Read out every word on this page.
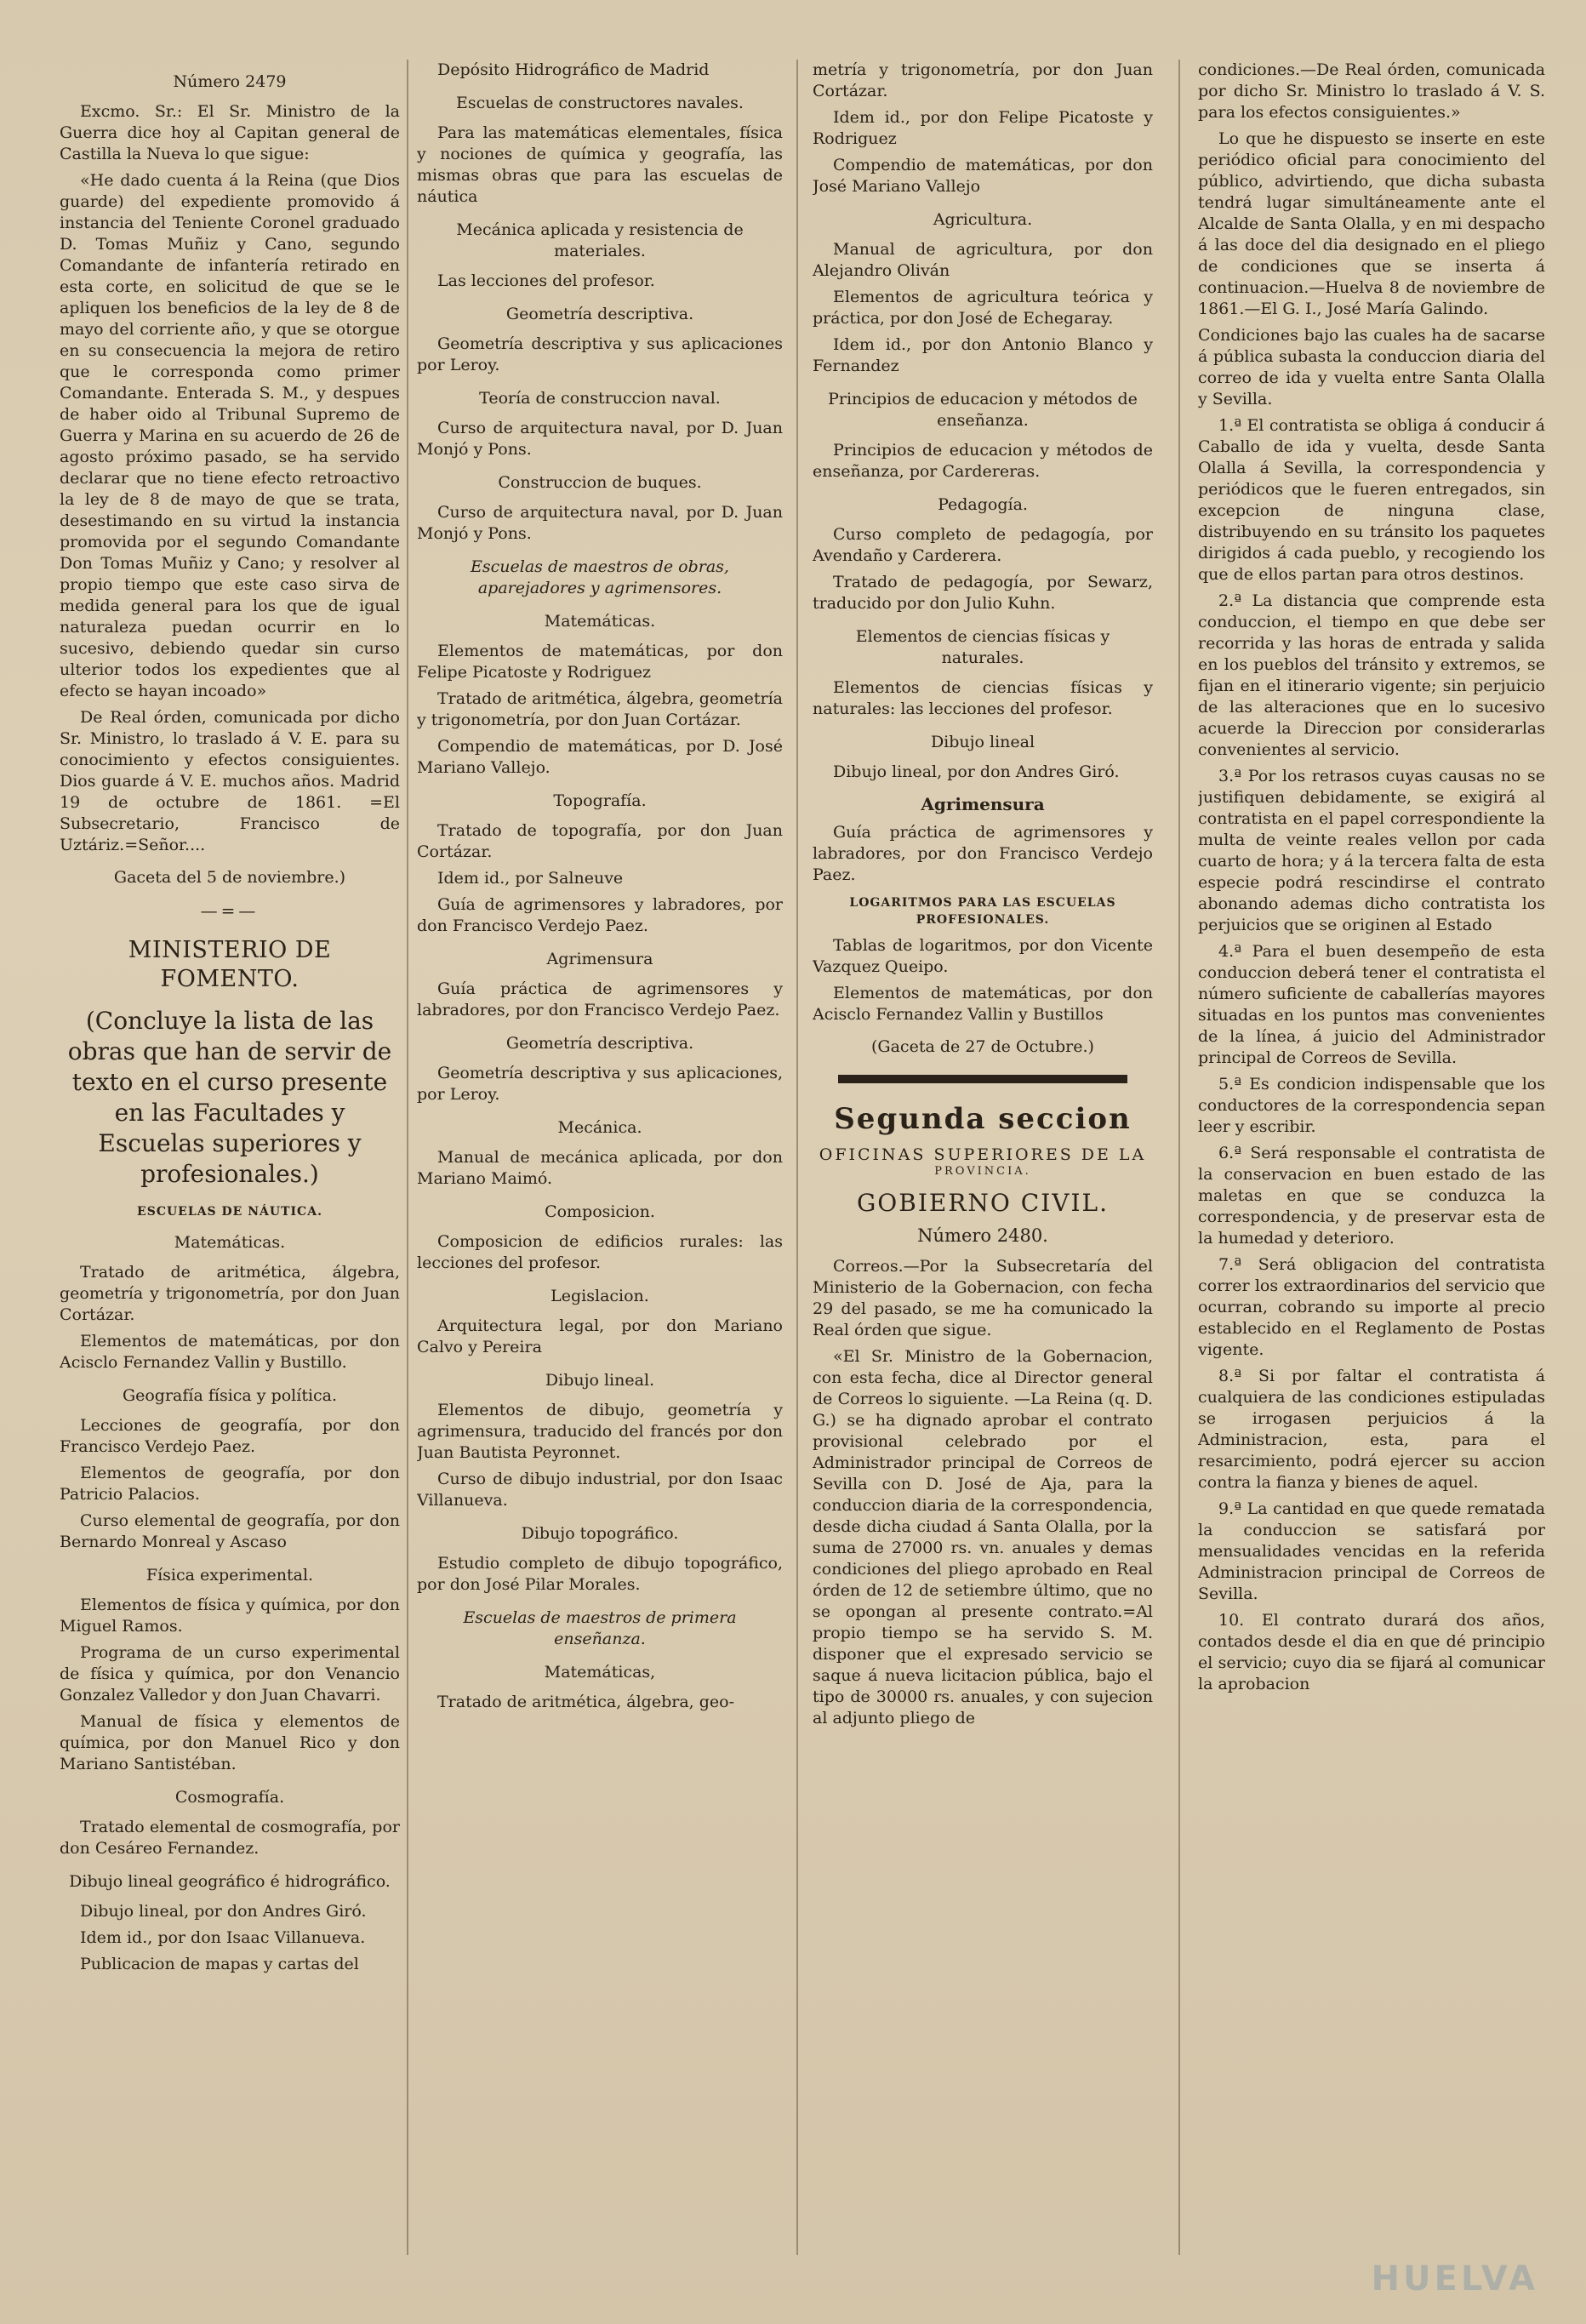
Número 2479

Excmo. Sr.: El Sr. Ministro de la Guerra dice hoy al Capitan general de Castilla la Nueva lo que sigue:

«He dado cuenta á la Reina (que Dios guarde) del expediente promovido á instancia del Teniente Coronel graduado D. Tomas Muñiz y Cano, segundo Comandante de infantería retirado en esta corte, en solicitud de que se le apliquen los beneficios de la ley de 8 de mayo del corriente año, y que se otorgue en su consecuencia la mejora de retiro que le corresponda como primer Comandante. Enterada S. M., y despues de haber oido al Tribunal Supremo de Guerra y Marina en su acuerdo de 26 de agosto próximo pasado, se ha servido declarar que no tiene efecto retroactivo la ley de 8 de mayo de que se trata, desestimando en su virtud la instancia promovida por el segundo Comandante Don Tomas Muñiz y Cano; y resolver al propio tiempo que este caso sirva de medida general para los que de igual naturaleza puedan ocurrir en lo sucesivo, debiendo quedar sin curso ulterior todos los expedientes que al efecto se hayan incoado»

De Real órden, comunicada por dicho Sr. Ministro, lo traslado á V. E. para su conocimiento y efectos consiguientes. Dios guarde á V. E. muchos años. Madrid 19 de octubre de 1861. =El Subsecretario, Francisco de Uztáriz.=Señor....

Gaceta del 5 de noviembre.)
—=—
MINISTERIO DE FOMENTO.
(Concluye la lista de las obras que han de servir de texto en el curso presente en las Facultades y Escuelas superiores y profesionales.)
ESCUELAS DE NÁUTICA.
Matemáticas.

Tratado de aritmética, álgebra, geometría y trigonometría, por don Juan Cortázar.

Elementos de matemáticas, por don Acisclo Fernandez Vallin y Bustillo.

Geografía física y política.

Lecciones de geografía, por don Francisco Verdejo Paez.

Elementos de geografía, por don Patricio Palacios.

Curso elemental de geografía, por don Bernardo Monreal y Ascaso

Física experimental.

Elementos de física y química, por don Miguel Ramos.

Programa de un curso experimental de física y química, por don Venancio Gonzalez Valledor y don Juan Chavarri.

Manual de física y elementos de química, por don Manuel Rico y don Mariano Santistéban.

Cosmografía.

Tratado elemental de cosmografía, por don Cesáreo Fernandez.

Dibujo lineal geográfico é hidrográfico.

Dibujo lineal, por don Andres Giró.

Idem id., por don Isaac Villanueva.

Publicacion de mapas y cartas del

Depósito Hidrográfico de Madrid

Escuelas de constructores navales.

Para las matemáticas elementales, física y nociones de química y geografía, las mismas obras que para las escuelas de náutica

Mecánica aplicada y resistencia de materiales.

Las lecciones del profesor.

Geometría descriptiva.

Geometría descriptiva y sus aplicaciones por Leroy.

Teoría de construccion naval.

Curso de arquitectura naval, por D. Juan Monjó y Pons.

Construccion de buques.

Curso de arquitectura naval, por D. Juan Monjó y Pons.

Escuelas de maestros de obras, aparejadores y agrimensores.
Matemáticas.

Elementos de matemáticas, por don Felipe Picatoste y Rodriguez

Tratado de aritmética, álgebra, geometría y trigonometría, por don Juan Cortázar.

Compendio de matemáticas, por D. José Mariano Vallejo.

Topografía.

Tratado de topografía, por don Juan Cortázar.

Idem id., por Salneuve

Guía de agrimensores y labradores, por don Francisco Verdejo Paez.

Agrimensura

Guía práctica de agrimensores y labradores, por don Francisco Verdejo Paez.

Geometría descriptiva.

Geometría descriptiva y sus aplicaciones, por Leroy.

Mecánica.

Manual de mecánica aplicada, por don Mariano Maimó.

Composicion.

Composicion de edificios rurales: las lecciones del profesor.

Legislacion.

Arquitectura legal, por don Mariano Calvo y Pereira

Dibujo lineal.

Elementos de dibujo, geometría y agrimensura, traducido del francés por don Juan Bautista Peyronnet.

Curso de dibujo industrial, por don Isaac Villanueva.

Dibujo topográfico.

Estudio completo de dibujo topográfico, por don José Pilar Morales.

Escuelas de maestros de primera enseñanza.
Matemáticas,

Tratado de aritmética, álgebra, geo-

metría y trigonometría, por don Juan Cortázar.

Idem id., por don Felipe Picatoste y Rodriguez

Compendio de matemáticas, por don José Mariano Vallejo

Agricultura.

Manual de agricultura, por don Alejandro Oliván

Elementos de agricultura teórica y práctica, por don José de Echegaray.

Idem id., por don Antonio Blanco y Fernandez

Principios de educacion y métodos de enseñanza.

Principios de educacion y métodos de enseñanza, por Cardereras.

Pedagogía.

Curso completo de pedagogía, por Avendaño y Carderera.

Tratado de pedagogía, por Sewarz, traducido por don Julio Kuhn.

Elementos de ciencias físicas y naturales.

Elementos de ciencias físicas y naturales: las lecciones del profesor.

Dibujo lineal

Dibujo lineal, por don Andres Giró.

Agrimensura

Guía práctica de agrimensores y labradores, por don Francisco Verdejo Paez.

LOGARITMOS PARA LAS ESCUELAS PROFESIONALES.

Tablas de logaritmos, por don Vicente Vazquez Queipo.

Elementos de matemáticas, por don Acisclo Fernandez Vallin y Bustillos

(Gaceta de 27 de Octubre.)
Segunda seccion
OFICINAS SUPERIORES DE LA
PROVINCIA.
GOBIERNO CIVIL.
Número 2480.

Correos.—Por la Subsecretaría del Ministerio de la Gobernacion, con fecha 29 del pasado, se me ha comunicado la Real órden que sigue.

«El Sr. Ministro de la Gobernacion, con esta fecha, dice al Director general de Correos lo siguiente. —La Reina (q. D. G.) se ha dignado aprobar el contrato provisional celebrado por el Administrador principal de Correos de Sevilla con D. José de Aja, para la conduccion diaria de la correspondencia, desde dicha ciudad á Santa Olalla, por la suma de 27000 rs. vn. anuales y demas condiciones del pliego aprobado en Real órden de 12 de setiembre último, que no se opongan al presente contrato.=Al propio tiempo se ha servido S. M. disponer que el expresado servicio se saque á nueva licitacion pública, bajo el tipo de 30000 rs. anuales, y con sujecion al adjunto pliego de

condiciones.—De Real órden, comunicada por dicho Sr. Ministro lo traslado á V. S. para los efectos consiguientes.»

Lo que he dispuesto se inserte en este periódico oficial para conocimiento del público, advirtiendo, que dicha subasta tendrá lugar simultáneamente ante el Alcalde de Santa Olalla, y en mi despacho á las doce del dia designado en el pliego de condiciones que se inserta á continuacion.—Huelva 8 de noviembre de 1861.—El G. I., José María Galindo.

Condiciones bajo las cuales ha de sacarse á pública subasta la conduccion diaria del correo de ida y vuelta entre Santa Olalla y Sevilla.

1.ª El contratista se obliga á conducir á Caballo de ida y vuelta, desde Santa Olalla á Sevilla, la correspondencia y periódicos que le fueren entregados, sin excepcion de ninguna clase, distribuyendo en su tránsito los paquetes dirigidos á cada pueblo, y recogiendo los que de ellos partan para otros destinos.

2.ª La distancia que comprende esta conduccion, el tiempo en que debe ser recorrida y las horas de entrada y salida en los pueblos del tránsito y extremos, se fijan en el itinerario vigente; sin perjuicio de las alteraciones que en lo sucesivo acuerde la Direccion por considerarlas convenientes al servicio.

3.ª Por los retrasos cuyas causas no se justifiquen debidamente, se exigirá al contratista en el papel correspondiente la multa de veinte reales vellon por cada cuarto de hora; y á la tercera falta de esta especie podrá rescindirse el contrato abonando ademas dicho contratista los perjuicios que se originen al Estado

4.ª Para el buen desempeño de esta conduccion deberá tener el contratista el número suficiente de caballerías mayores situadas en los puntos mas convenientes de la línea, á juicio del Administrador principal de Correos de Sevilla.

5.ª Es condicion indispensable que los conductores de la correspondencia sepan leer y escribir.

6.ª Será responsable el contratista de la conservacion en buen estado de las maletas en que se conduzca la correspondencia, y de preservar esta de la humedad y deterioro.

7.ª Será obligacion del contratista correr los extraordinarios del servicio que ocurran, cobrando su importe al precio establecido en el Reglamento de Postas vigente.

8.ª Si por faltar el contratista á cualquiera de las condiciones estipuladas se irrogasen perjuicios á la Administracion, esta, para el resarcimiento, podrá ejercer su accion contra la fianza y bienes de aquel.

9.ª La cantidad en que quede rematada la conduccion se satisfará por mensualidades vencidas en la referida Administracion principal de Correos de Sevilla.

10. El contrato durará dos años, contados desde el dia en que dé principio el servicio; cuyo dia se fijará al comunicar la aprobacion

HUELVA
